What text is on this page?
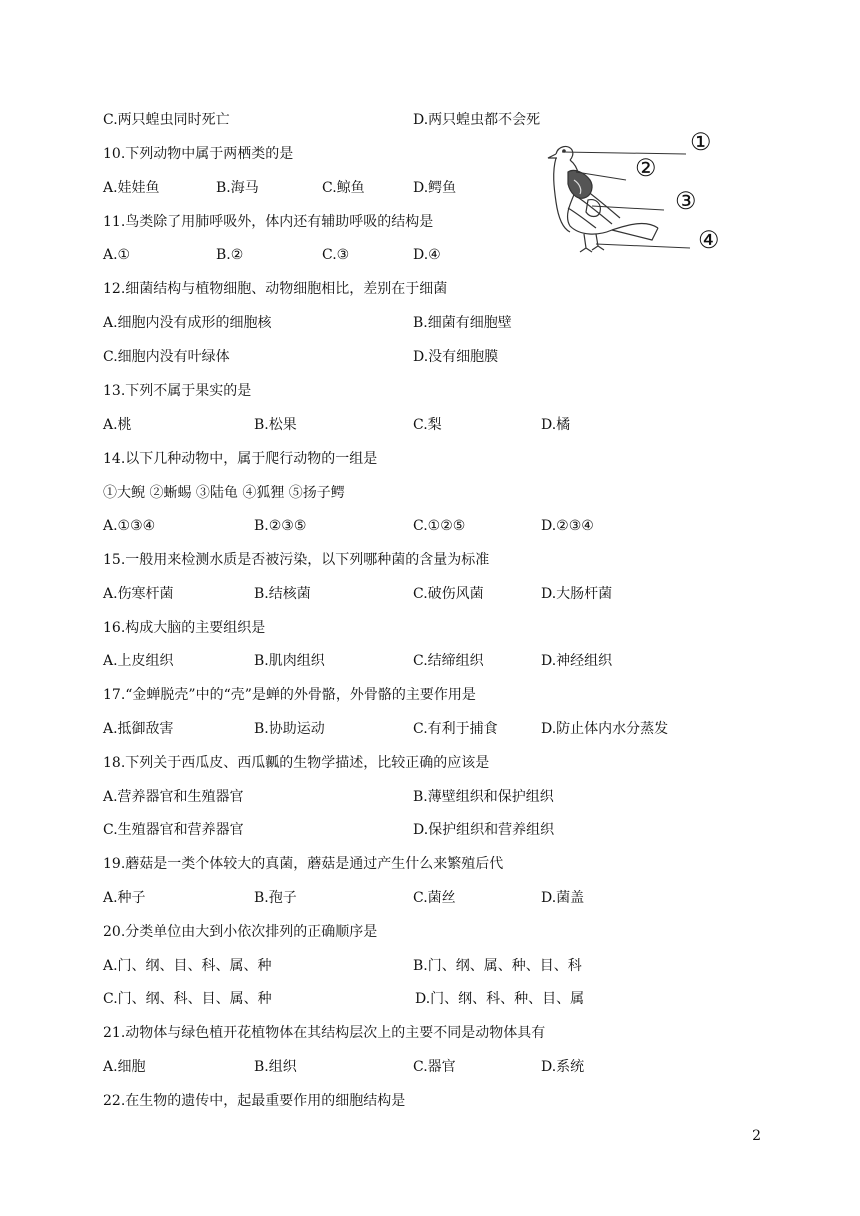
C.两只蝗虫同时死亡	D.两只蝗虫都不会死
10.下列动物中属于两栖类的是
A.娃娃鱼	B.海马	C.鲸鱼	D.鳄鱼
11.鸟类除了用肺呼吸外，体内还有辅助呼吸的结构是
A.①	B.②	C.③	D.④
①
②
③
④
12.细菌结构与植物细胞、动物细胞相比，差别在于细菌
A.细胞内没有成形的细胞核	B.细菌有细胞壁
C.细胞内没有叶绿体	D.没有细胞膜
13.下列不属于果实的是
A.桃	B.松果	C.梨	D.橘
14.以下几种动物中，属于爬行动物的一组是
①大鲵 ②蜥蜴 ③陆龟 ④狐狸 ⑤扬子鳄
A.①③④	B.②③⑤	C.①②⑤	D.②③④
15.一般用来检测水质是否被污染，以下列哪种菌的含量为标准
A.伤寒杆菌	B.结核菌	C.破伤风菌	D.大肠杆菌
16.构成大脑的主要组织是
A.上皮组织	B.肌肉组织	C.结缔组织	D.神经组织
17.“金蝉脱壳”中的“壳”是蝉的外骨骼，外骨骼的主要作用是
A.抵御敌害	B.协助运动	C.有利于捕食	D.防止体内水分蒸发
18.下列关于西瓜皮、西瓜瓤的生物学描述，比较正确的应该是
A.营养器官和生殖器官	B.薄壁组织和保护组织
C.生殖器官和营养器官	D.保护组织和营养组织
19.蘑菇是一类个体较大的真菌，蘑菇是通过产生什么来繁殖后代
A.种子	B.孢子	C.菌丝	D.菌盖
20.分类单位由大到小依次排列的正确顺序是
A.门、纲、目、科、属、种	B.门、纲、属、种、目、科
C.门、纲、科、目、属、种	D.门、纲、科、种、目、属
21.动物体与绿色植开花植物体在其结构层次上的主要不同是动物体具有
A.细胞	B.组织	C.器官	D.系统
22.在生物的遗传中，起最重要作用的细胞结构是
2
